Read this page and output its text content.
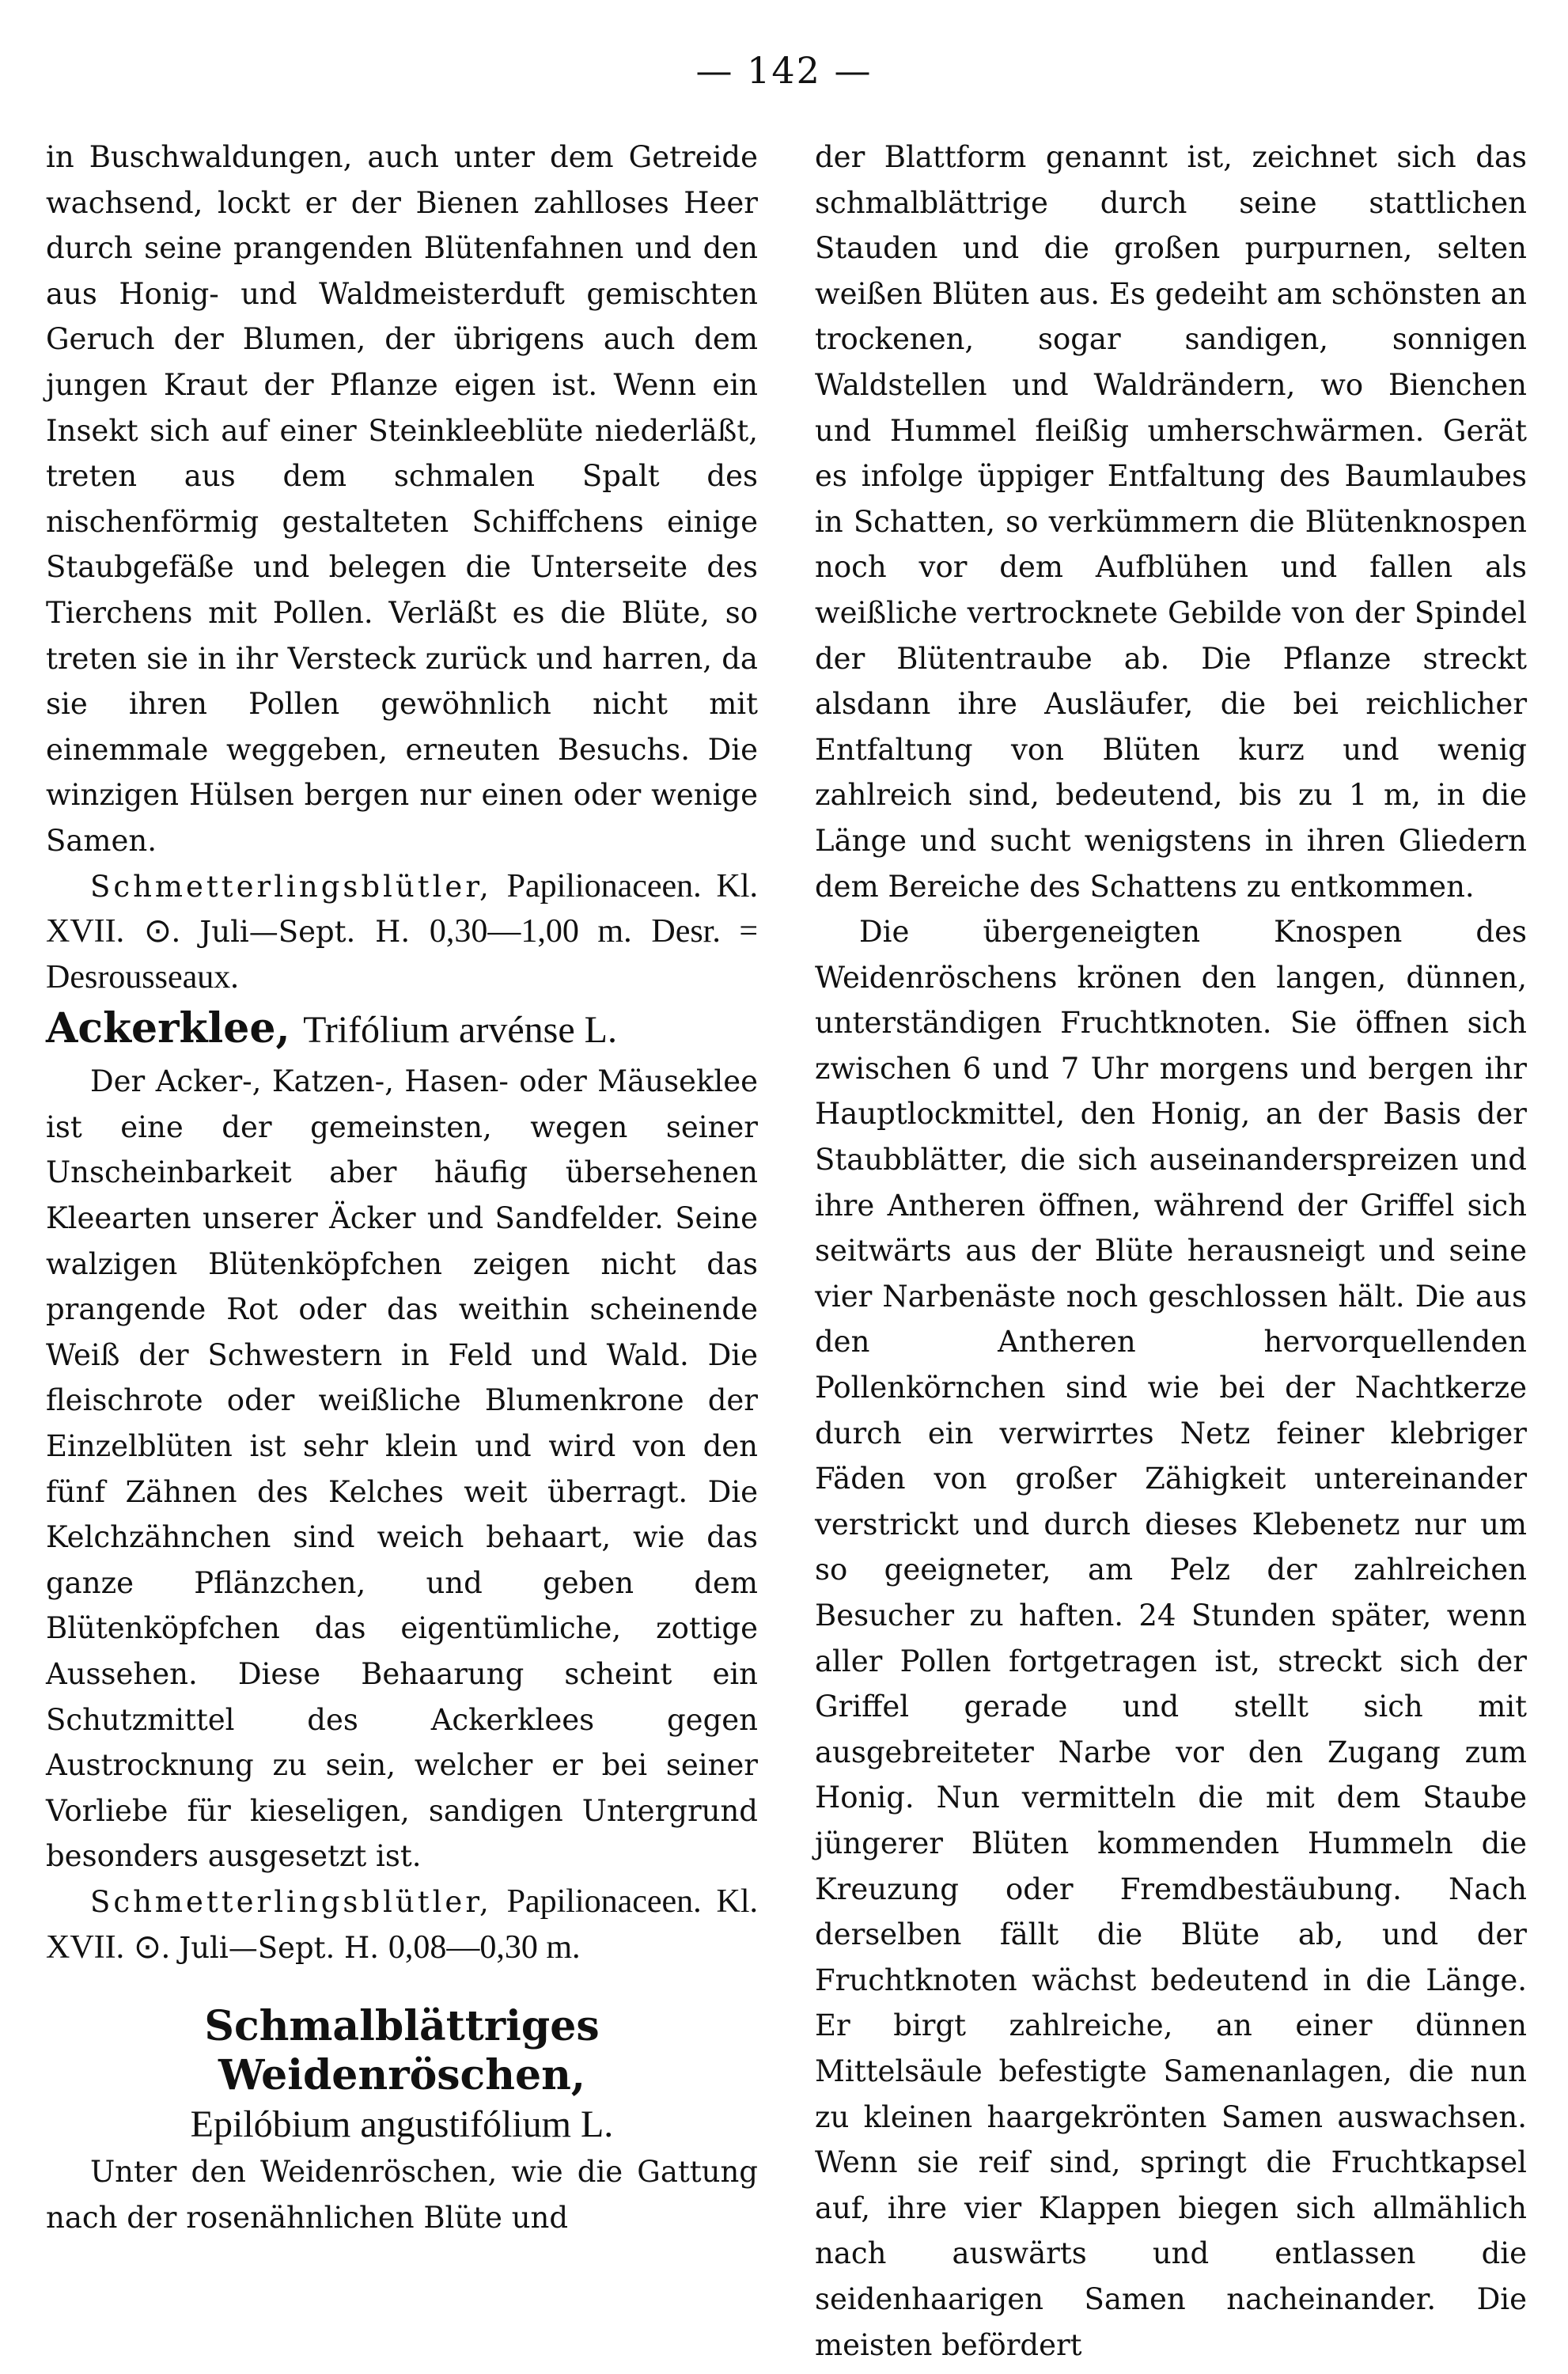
— 142 —

in Buschwaldungen, auch unter dem Getreide wachsend, lockt er der Bienen zahlloses Heer durch seine prangenden Blütenfahnen und den aus Honig- und Waldmeisterduft gemischten Geruch der Blumen, der übrigens auch dem jungen Kraut der Pflanze eigen ist. Wenn ein Insekt sich auf einer Steinkleeblüte niederläßt, treten aus dem schmalen Spalt des nischenförmig gestalteten Schiffchens einige Staubgefäße und belegen die Unterseite des Tierchens mit Pollen. Verläßt es die Blüte, so treten sie in ihr Versteck zurück und harren, da sie ihren Pollen gewöhnlich nicht mit einemmale weggeben, erneuten Besuchs. Die winzigen Hülsen bergen nur einen oder wenige Samen.

Schmetterlingsblütler, Papilionaceen. Kl. XVII. ⊙. Juli—Sept. H. 0,30—1,00 m. Desr. = Desrousseaux.

Ackerklee, Trifólium arvénse L.

Der Acker-, Katzen-, Hasen- oder Mäuseklee ist eine der gemeinsten, wegen seiner Unscheinbarkeit aber häufig übersehenen Kleearten unserer Äcker und Sandfelder. Seine walzigen Blütenköpfchen zeigen nicht das prangende Rot oder das weithin scheinende Weiß der Schwestern in Feld und Wald. Die fleischrote oder weißliche Blumenkrone der Einzelblüten ist sehr klein und wird von den fünf Zähnen des Kelches weit überragt. Die Kelchzähnchen sind weich behaart, wie das ganze Pflänzchen, und geben dem Blütenköpfchen das eigentümliche, zottige Aussehen. Diese Behaarung scheint ein Schutzmittel des Ackerklees gegen Austrocknung zu sein, welcher er bei seiner Vorliebe für kieseligen, sandigen Untergrund besonders ausgesetzt ist.

Schmetterlingsblütler, Papilionaceen. Kl. XVII. ⊙. Juli—Sept. H. 0,08—0,30 m.

Schmalblättriges Weidenröschen,
Epilóbium angustifólium L.

Unter den Weidenröschen, wie die Gattung nach der rosenähnlichen Blüte und

der Blattform genannt ist, zeichnet sich das schmalblättrige durch seine stattlichen Stauden und die großen purpurnen, selten weißen Blüten aus. Es gedeiht am schönsten an trockenen, sogar sandigen, sonnigen Waldstellen und Waldrändern, wo Bienchen und Hummel fleißig umherschwärmen. Gerät es infolge üppiger Entfaltung des Baumlaubes in Schatten, so verkümmern die Blütenknospen noch vor dem Aufblühen und fallen als weißliche vertrocknete Gebilde von der Spindel der Blütentraube ab. Die Pflanze streckt alsdann ihre Ausläufer, die bei reichlicher Entfaltung von Blüten kurz und wenig zahlreich sind, bedeutend, bis zu 1 m, in die Länge und sucht wenigstens in ihren Gliedern dem Bereiche des Schattens zu entkommen.

Die übergeneigten Knospen des Weidenröschens krönen den langen, dünnen, unterständigen Fruchtknoten. Sie öffnen sich zwischen 6 und 7 Uhr morgens und bergen ihr Hauptlockmittel, den Honig, an der Basis der Staubblätter, die sich auseinanderspreizen und ihre Antheren öffnen, während der Griffel sich seitwärts aus der Blüte herausneigt und seine vier Narbenäste noch geschlossen hält. Die aus den Antheren hervorquellenden Pollenkörnchen sind wie bei der Nachtkerze durch ein verwirrtes Netz feiner klebriger Fäden von großer Zähigkeit untereinander verstrickt und durch dieses Klebenetz nur um so geeigneter, am Pelz der zahlreichen Besucher zu haften. 24 Stunden später, wenn aller Pollen fortgetragen ist, streckt sich der Griffel gerade und stellt sich mit ausgebreiteter Narbe vor den Zugang zum Honig. Nun vermitteln die mit dem Staube jüngerer Blüten kommenden Hummeln die Kreuzung oder Fremdbestäubung. Nach derselben fällt die Blüte ab, und der Fruchtknoten wächst bedeutend in die Länge. Er birgt zahlreiche, an einer dünnen Mittelsäule befestigte Samenanlagen, die nun zu kleinen haargekrönten Samen auswachsen. Wenn sie reif sind, springt die Fruchtkapsel auf, ihre vier Klappen biegen sich allmählich nach auswärts und entlassen die seidenhaarigen Samen nacheinander. Die meisten befördert
